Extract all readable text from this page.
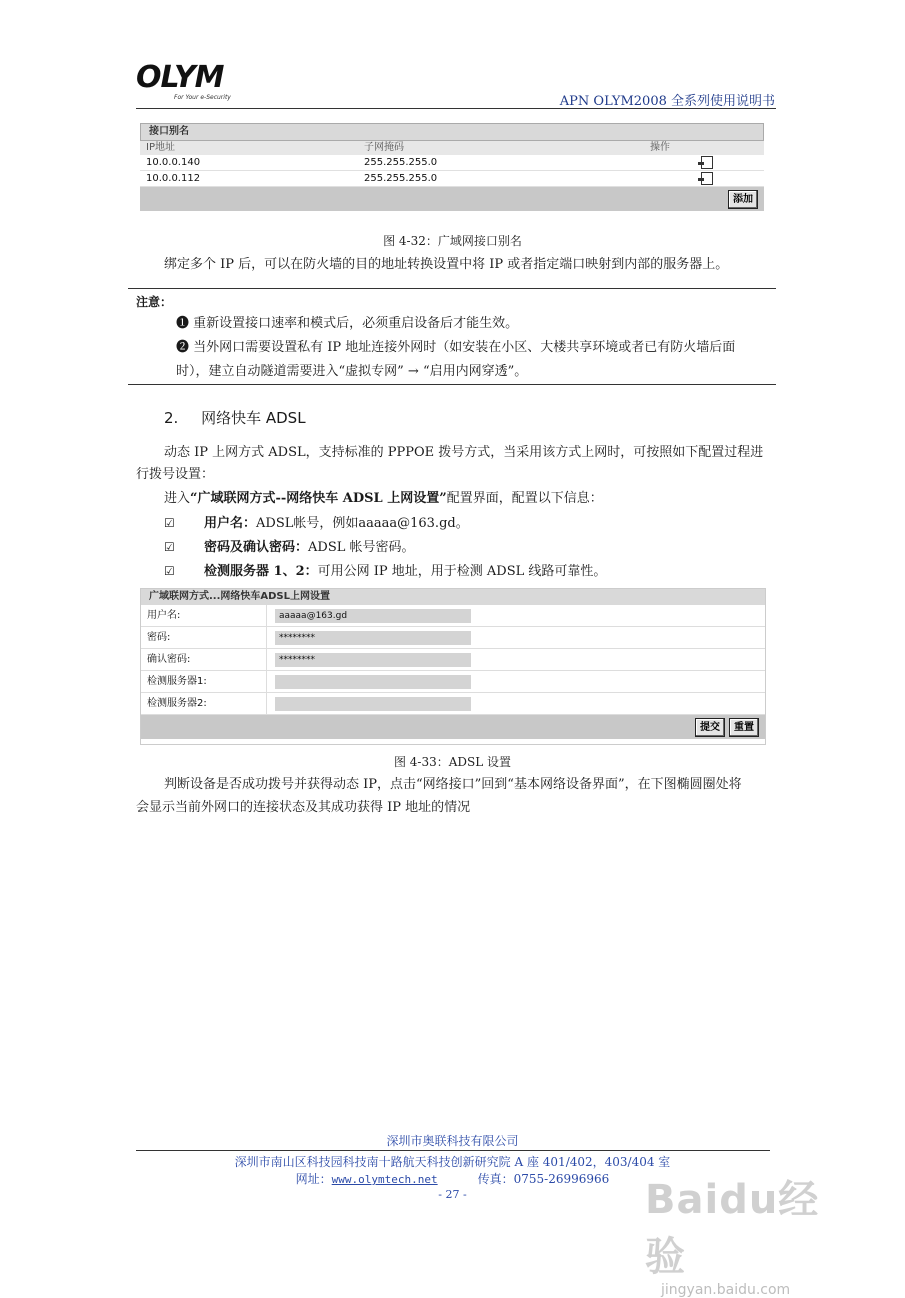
OLYM
For Your e-Security	APN OLYM2008 全系列使用说明书
接口别名
IP地址	子网掩码	操作
10.0.0.140	255.255.255.0
10.0.0.112	255.255.255.0
添加
图 4-32：广域网接口别名
绑定多个 IP 后，可以在防火墙的目的地址转换设置中将 IP 或者指定端口映射到内部的服务器上。
注意：
❶ 重新设置接口速率和模式后，必须重启设备后才能生效。
❷ 当外网口需要设置私有 IP 地址连接外网时（如安装在小区、大楼共享环境或者已有防火墙后面
时），建立自动隧道需要进入“虚拟专网” → “启用内网穿透”。
2. 网络快车 ADSL
动态 IP 上网方式 ADSL，支持标准的 PPPOE 拨号方式，当采用该方式上网时，可按照如下配置过程进
行拨号设置：
进入“广域联网方式--网络快车 ADSL 上网设置”配置界面，配置以下信息：
☑ 用户名：ADSL帐号，例如aaaaa@163.gd。
☑ 密码及确认密码：ADSL 帐号密码。
☑ 检测服务器 1、2：可用公网 IP 地址，用于检测 ADSL 线路可靠性。
广域联网方式...网络快车ADSL上网设置
用户名:	aaaaa@163.gd
密码:	********
确认密码:	********
检测服务器1:
检测服务器2:
提交	重置
图 4-33：ADSL 设置
判断设备是否成功拨号并获得动态 IP，点击“网络接口”回到“基本网络设备界面”，在下图椭圆圈处将
会显示当前外网口的连接状态及其成功获得 IP 地址的情况
深圳市奥联科技有限公司
深圳市南山区科技园科技南十路航天科技创新研究院 A 座 401/402，403/404 室
网址：www.olymtech.net	传真：0755-26996966
- 27 -	Baidu经验
jingyan.baidu.com
